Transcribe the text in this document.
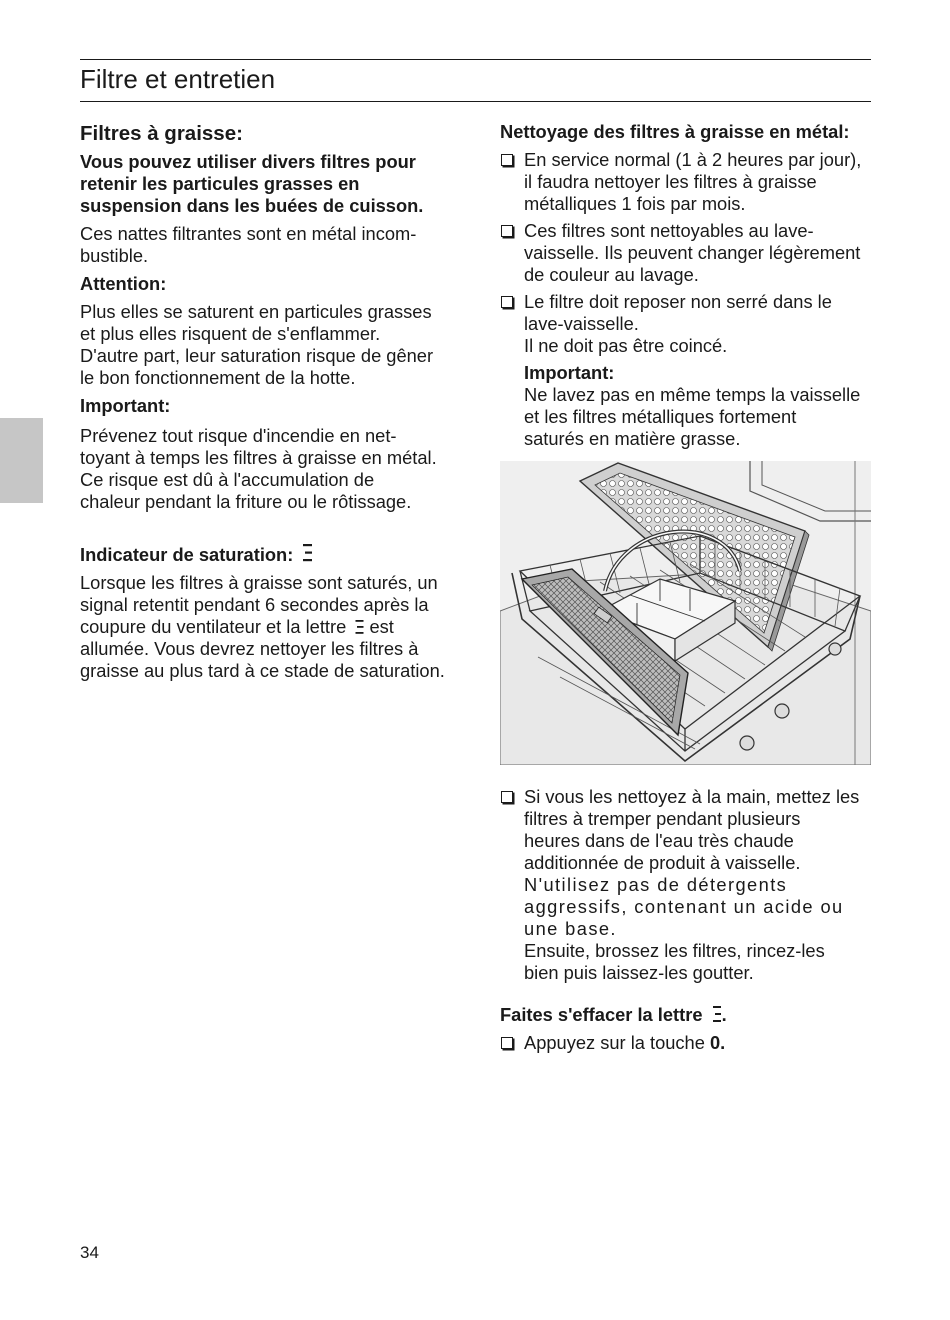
Filtre et entretien
Filtres à graisse:
Vous pouvez utiliser divers filtres pour
retenir les particules grasses en
suspension dans les buées de cuisson.
Ces nattes filtrantes sont en métal incom-
bustible.
Attention:
Plus elles se saturent en particules grasses
et plus elles risquent de s'enflammer.
D'autre part, leur saturation risque de gêner
le bon fonctionnement de la hotte.
Important:
Prévenez tout risque d'incendie en net-
toyant à temps les filtres à graisse en métal.
Ce risque est dû à l'accumulation de
chaleur pendant la friture ou le rôtissage.
Indicateur de saturation:
Lorsque les filtres à graisse sont saturés, un
signal retentit pendant 6 secondes après la
coupure du ventilateur et la lettre  est
allumée. Vous devrez nettoyer les filtres à
graisse au plus tard à ce stade de saturation.
Nettoyage des filtres à graisse en métal:
En service normal (1 à 2 heures par jour),
il faudra nettoyer les filtres à graisse
métalliques 1 fois par mois.
Ces filtres sont nettoyables au lave-
vaisselle. Ils peuvent changer légèrement
de couleur au lavage.
Le filtre doit reposer non serré dans le
lave-vaisselle.
Il ne doit pas être coincé.
Important:
Ne lavez pas en même temps la vaisselle
et les filtres métalliques fortement
saturés en matière grasse.
Si vous les nettoyez à la main, mettez les
filtres à tremper pendant plusieurs
heures dans de l'eau très chaude
additionnée de produit à vaisselle.
N'utilisez pas de détergents
aggressifs, contenant un acide ou
une base.
Ensuite, brossez les filtres, rincez-les
bien puis laissez-les goutter.
Faites s'effacer la lettre .
Appuyez sur la touche 0.

34
